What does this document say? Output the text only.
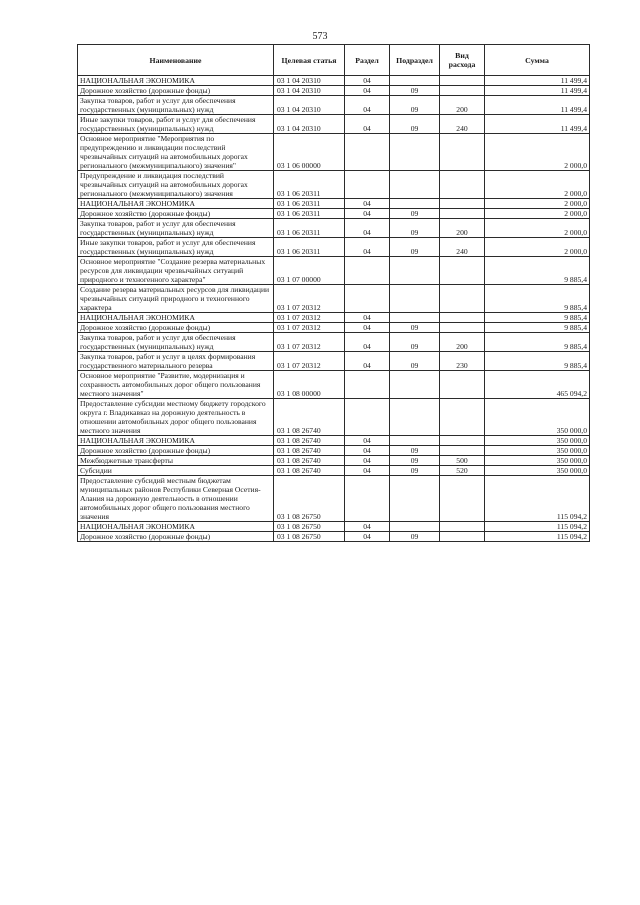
573
Наименование	Целевая статья	Раздел	Подраздел	Вид расхода	Сумма
НАЦИОНАЛЬНАЯ ЭКОНОМИКА	03 1 04 20310	04			11 499,4
Дорожное хозяйство (дорожные фонды)	03 1 04 20310	04	09		11 499,4
Закупка товаров, работ и услуг для обеспечения государственных (муниципальных) нужд	03 1 04 20310	04	09	200	11 499,4
Иные закупки товаров, работ и услуг для обеспечения государственных (муниципальных) нужд	03 1 04 20310	04	09	240	11 499,4
Основное мероприятие "Мероприятия по предупреждению и ликвидации последствий чрезвычайных ситуаций на автомобильных дорогах регионального (межмуниципального) значения"	03 1 06 00000				2 000,0
Предупреждение и ликвидация последствий чрезвычайных ситуаций на автомобильных дорогах регионального (межмуниципального) значения	03 1 06 20311				2 000,0
НАЦИОНАЛЬНАЯ ЭКОНОМИКА	03 1 06 20311	04			2 000,0
Дорожное хозяйство (дорожные фонды)	03 1 06 20311	04	09		2 000,0
Закупка товаров, работ и услуг для обеспечения государственных (муниципальных) нужд	03 1 06 20311	04	09	200	2 000,0
Иные закупки товаров, работ и услуг для обеспечения государственных (муниципальных) нужд	03 1 06 20311	04	09	240	2 000,0
Основное мероприятие "Создание резерва материальных ресурсов для ликвидации чрезвычайных ситуаций природного и техногенного характера"	03 1 07 00000				9 885,4
Создание резерва материальных ресурсов для ликвидации чрезвычайных ситуаций природного и техногенного характера	03 1 07 20312				9 885,4
НАЦИОНАЛЬНАЯ ЭКОНОМИКА	03 1 07 20312	04			9 885,4
Дорожное хозяйство (дорожные фонды)	03 1 07 20312	04	09		9 885,4
Закупка товаров, работ и услуг для обеспечения государственных (муниципальных) нужд	03 1 07 20312	04	09	200	9 885,4
Закупка товаров, работ и услуг в целях формирования государственного материального резерва	03 1 07 20312	04	09	230	9 885,4
Основное мероприятие "Развитие, модернизация и сохранность автомобильных дорог общего пользования местного значения"	03 1 08 00000				465 094,2
Предоставление субсидии местному бюджету городского округа г. Владикавказ на дорожную деятельность в отношении автомобильных дорог общего пользования местного значения	03 1 08 26740				350 000,0
НАЦИОНАЛЬНАЯ ЭКОНОМИКА	03 1 08 26740	04			350 000,0
Дорожное хозяйство (дорожные фонды)	03 1 08 26740	04	09		350 000,0
Межбюджетные трансферты	03 1 08 26740	04	09	500	350 000,0
Субсидии	03 1 08 26740	04	09	520	350 000,0
Предоставление субсидий местным бюджетам муниципальных районов Республики Северная Осетия-Алания на дорожную деятельность в отношении автомобильных дорог общего пользования местного значения	03 1 08 26750				115 094,2
НАЦИОНАЛЬНАЯ ЭКОНОМИКА	03 1 08 26750	04			115 094,2
Дорожное хозяйство (дорожные фонды)	03 1 08 26750	04	09		115 094,2
